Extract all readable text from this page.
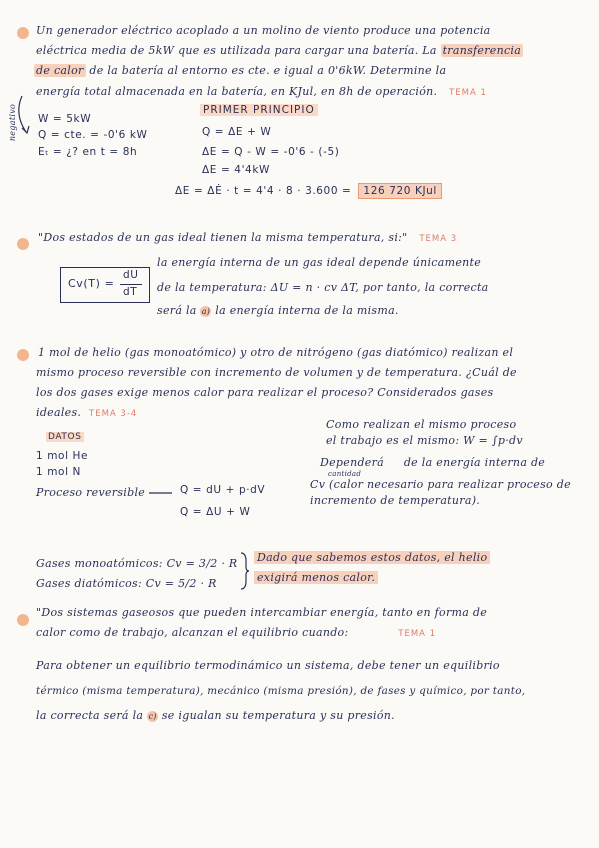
Un generador eléctrico acoplado a un molino de viento produce una potencia
eléctrica media de 5kW que es utilizada para cargar una batería. La transferencia
de calor de la batería al entorno es cte. e igual a 0'6kW. Determine la
energía total almacenada en la batería, en KJul, en 8h de operación. TEMA 1
negativo W = 5kW
Q = cte. = -0'6 kW
Eₜ = ¿? en t = 8h
PRIMER PRINCIPIO
Q = ΔE + W
ΔE = Q - W = -0'6 - (-5)
ΔE = 4'4kW
ΔE = ΔĖ · t = 4'4 · 8 · 3.600 = 126 720 KJul
"Dos estados de un gas ideal tienen la misma temperatura, si:" TEMA 3
Cv(T) =
dU
dT
la energía interna de un gas ideal depende únicamente
de la temperatura: ΔU = n · cv ΔT, por tanto, la correcta
será la a) la energía interna de la misma.
1 mol de helio (gas monoatómico) y otro de nitrógeno (gas diatómico) realizan el
mismo proceso reversible con incremento de volumen y de temperatura. ¿Cuál de
los dos gases exige menos calor para realizar el proceso? Considerados gases
ideales. TEMA 3-4
DATOS
1 mol He
1 mol N
Proceso reversible	Q = dU + p·dV
Q = ΔU + W
Como realizan el mismo proceso
el trabajo es el mismo: W = ∫p·dv
Dependerá de la energía interna de
cantidad
Cv (calor necesario para realizar proceso de
incremento de temperatura).
Gases monoatómicos: Cv = 3/2 · R
Gases diatómicos: Cv = 5/2 · R
Dado que sabemos estos datos, el helio
exigirá menos calor.
"Dos sistemas gaseosos que pueden intercambiar energía, tanto en forma de
calor como de trabajo, alcanzan el equilibrio cuando:	TEMA 1
Para obtener un equilibrio termodinámico un sistema, debe tener un equilibrio
térmico (misma temperatura), mecánico (misma presión), de fases y químico, por tanto,
la correcta será la c) se igualan su temperatura y su presión.
